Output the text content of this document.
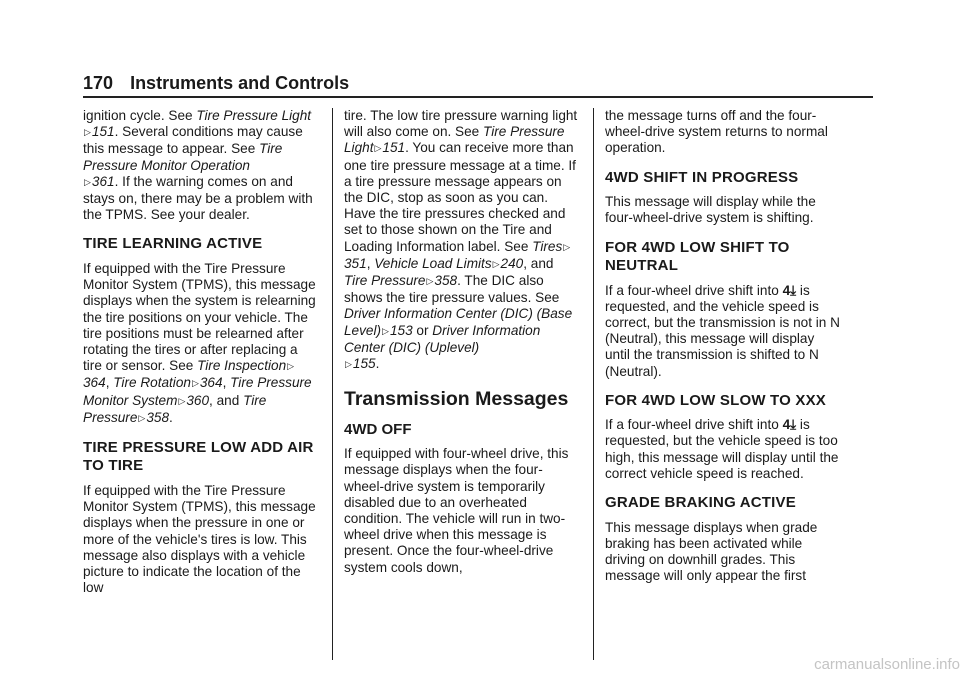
170 Instruments and Controls

ignition cycle. See Tire Pressure Light▷151. Several conditions may cause this message to appear. See Tire Pressure Monitor Operation
▷361. If the warning comes on and stays on, there may be a problem with the TPMS. See your dealer.

TIRE LEARNING ACTIVE

If equipped with the Tire Pressure Monitor System (TPMS), this message displays when the system is relearning the tire positions on your vehicle. The tire positions must be relearned after rotating the tires or after replacing a tire or sensor. See Tire Inspection▷364, Tire Rotation▷364, Tire Pressure Monitor System▷360, and Tire Pressure▷358.

TIRE PRESSURE LOW ADD AIR TO TIRE

If equipped with the Tire Pressure Monitor System (TPMS), this message displays when the pressure in one or more of the vehicle's tires is low. This message also displays with a vehicle picture to indicate the location of the low

tire. The low tire pressure warning light will also come on. See Tire Pressure Light▷151. You can receive more than one tire pressure message at a time. If a tire pressure message appears on the DIC, stop as soon as you can. Have the tire pressures checked and set to those shown on the Tire and Loading Information label. See Tires▷351, Vehicle Load Limits▷240, and Tire Pressure▷358. The DIC also shows the tire pressure values. See Driver Information Center (DIC) (Base Level)▷153 or Driver Information Center (DIC) (Uplevel)
▷155.

Transmission Messages
4WD OFF

If equipped with four-wheel drive, this message displays when the four-wheel-drive system is temporarily disabled due to an overheated condition. The vehicle will run in two-wheel drive when this message is present. Once the four-wheel-drive system cools down,

the message turns off and the four-wheel-drive system returns to normal operation.

4WD SHIFT IN PROGRESS

This message will display while the four-wheel-drive system is shifting.

FOR 4WD LOW SHIFT TO NEUTRAL

If a four-wheel drive shift into 4⤓ is requested, and the vehicle speed is correct, but the transmission is not in N (Neutral), this message will display until the transmission is shifted to N (Neutral).

FOR 4WD LOW SLOW TO XXX

If a four-wheel drive shift into 4⤓ is requested, but the vehicle speed is too high, this message will display until the correct vehicle speed is reached.

GRADE BRAKING ACTIVE

This message displays when grade braking has been activated while driving on downhill grades. This message will only appear the first

carmanualsonline.info
